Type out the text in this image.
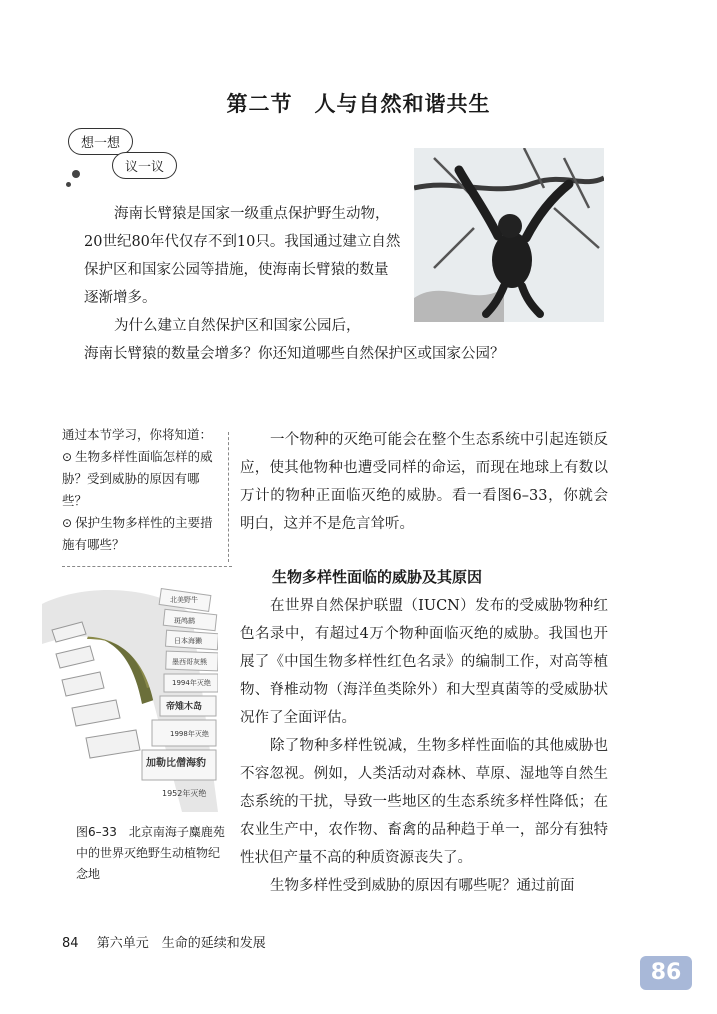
第二节　人与自然和谐共生
想一想
议一议
海南长臂猿是国家一级重点保护野生动物，20世纪80年代仅存不到10只。我国通过建立自然保护区和国家公园等措施，使海南长臂猿的数量逐渐增多。
为什么建立自然保护区和国家公园后，
海南长臂猿的数量会增多？你还知道哪些自然保护区或国家公园？
通过本节学习，你将知道：
⊙ 生物多样性面临怎样的威胁？受到威胁的原因有哪些？
⊙ 保护生物多样性的主要措施有哪些？
一个物种的灭绝可能会在整个生态系统中引起连锁反应，使其他物种也遭受同样的命运，而现在地球上有数以万计的物种正面临灭绝的威胁。看一看图6–33，你就会明白，这并不是危言耸听。
生物多样性面临的威胁及其原因
在世界自然保护联盟（IUCN）发布的受威胁物种红色名录中，有超过4万个物种面临灭绝的威胁。我国也开展了《中国生物多样性红色名录》的编制工作，对高等植物、脊椎动物（海洋鱼类除外）和大型真菌等的受威胁状况作了全面评估。
除了物种多样性锐减，生物多样性面临的其他威胁也不容忽视。例如，人类活动对森林、草原、湿地等自然生态系统的干扰，导致一些地区的生态系统多样性降低；在农业生产中，农作物、畜禽的品种趋于单一，部分有独特性状但产量不高的种质资源丧失了。
生物多样性受到威胁的原因有哪些呢？通过前面
北美野牛
斑鸬鹚
日本海獭
墨西哥灰熊
1994年灭绝
帝雉木岛
1998年灭绝
加勒比僧海豹
1952年灭绝
图6–33　北京南海子麋鹿苑中的世界灭绝野生动植物纪念地
84 第六单元　生命的延续和发展
86
